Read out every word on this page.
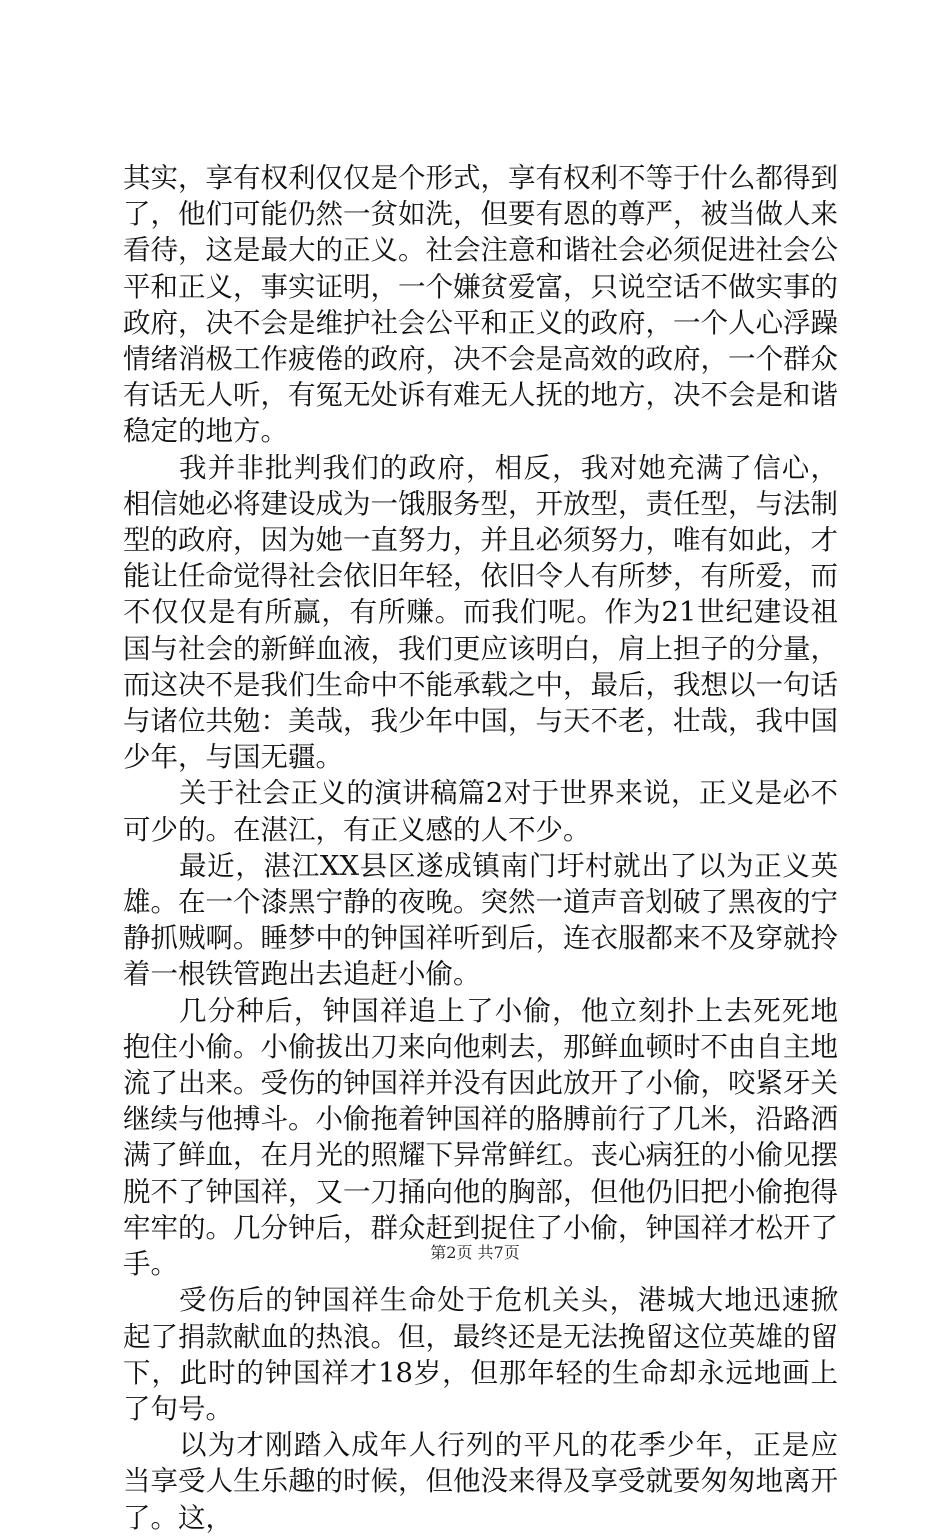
其实，享有权利仅仅是个形式，享有权利不等于什么都得到了，他们可能仍然一贫如洗，但要有恩的尊严，被当做人来看待，这是最大的正义。社会注意和谐社会必须促进社会公平和正义，事实证明，一个嫌贫爱富，只说空话不做实事的政府，决不会是维护社会公平和正义的政府，一个人心浮躁情绪消极工作疲倦的政府，决不会是高效的政府，一个群众有话无人听，有冤无处诉有难无人抚的地方，决不会是和谐稳定的地方。

我并非批判我们的政府，相反，我对她充满了信心，相信她必将建设成为一饿服务型，开放型，责任型，与法制型的政府，因为她一直努力，并且必须努力，唯有如此，才能让任命觉得社会依旧年轻，依旧令人有所梦，有所爱，而不仅仅是有所赢，有所赚。而我们呢。作为21世纪建设祖国与社会的新鲜血液，我们更应该明白，肩上担子的分量，而这决不是我们生命中不能承载之中，最后，我想以一句话与诸位共勉：美哉，我少年中国，与天不老，壮哉，我中国少年，与国无疆。

关于社会正义的演讲稿篇2对于世界来说，正义是必不可少的。在湛江，有正义感的人不少。

最近，湛江XX县区遂成镇南门圩村就出了以为正义英雄。在一个漆黑宁静的夜晚。突然一道声音划破了黑夜的宁静抓贼啊。睡梦中的钟国祥听到后，连衣服都来不及穿就拎着一根铁管跑出去追赶小偷。

几分种后，钟国祥追上了小偷，他立刻扑上去死死地抱住小偷。小偷拔出刀来向他刺去，那鲜血顿时不由自主地流了出来。受伤的钟国祥并没有因此放开了小偷，咬紧牙关继续与他搏斗。小偷拖着钟国祥的胳膊前行了几米，沿路洒满了鲜血，在月光的照耀下异常鲜红。丧心病狂的小偷见摆脱不了钟国祥，又一刀捅向他的胸部，但他仍旧把小偷抱得牢牢的。几分钟后，群众赶到捉住了小偷，钟国祥才松开了手。

受伤后的钟国祥生命处于危机关头，港城大地迅速掀起了捐款献血的热浪。但，最终还是无法挽留这位英雄的留下，此时的钟国祥才18岁，但那年轻的生命却永远地画上了句号。

以为才刚踏入成年人行列的平凡的花季少年，正是应当享受人生乐趣的时候，但他没来得及享受就要匆匆地离开了。这，

第2页 共7页
